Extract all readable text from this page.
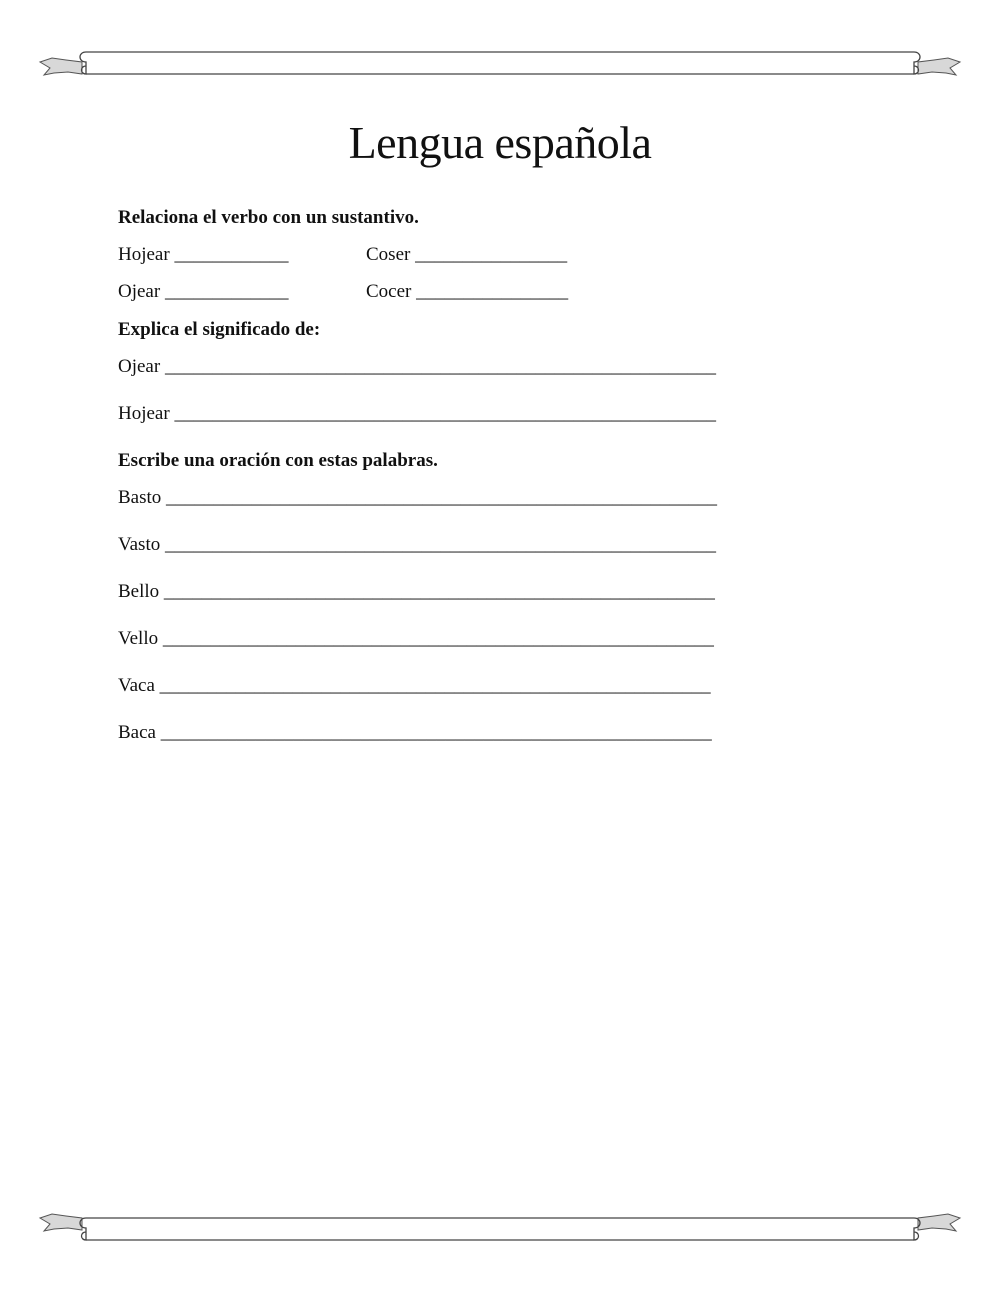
Lengua española

Relaciona el verbo con un sustantivo.

Hojear ____________	Coser ________________

Ojear _____________	Cocer ________________

Explica el significado de:

Ojear __________________________________________________________

Hojear _________________________________________________________

Escribe una oración con estas palabras.

Basto __________________________________________________________

Vasto __________________________________________________________

Bello __________________________________________________________

Vello __________________________________________________________

Vaca __________________________________________________________

Baca __________________________________________________________
